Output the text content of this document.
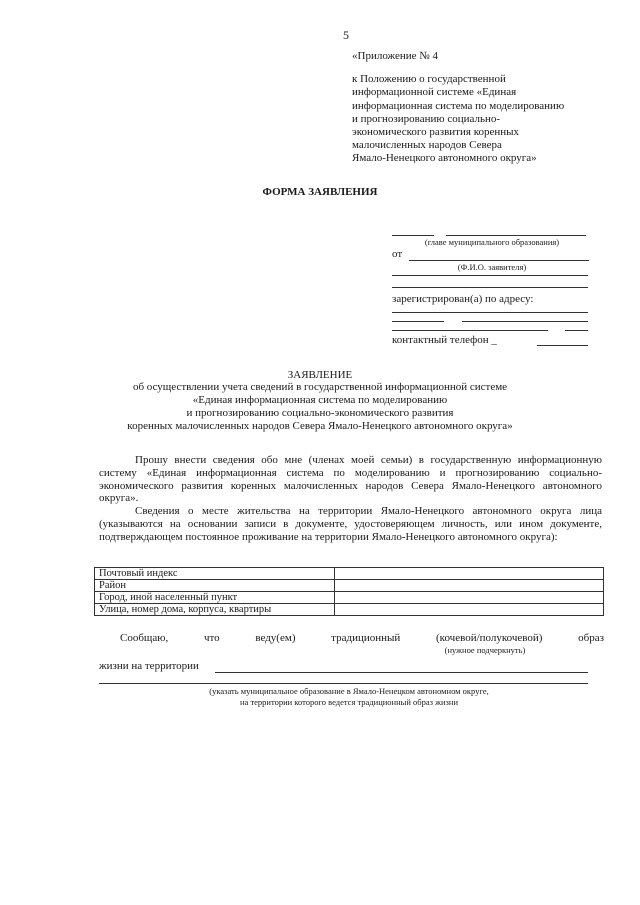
5
«Приложение № 4
к Положению о государственной
информационной системе «Единая
информационная система по моделированию
и прогнозированию социально-
экономического развития коренных
малочисленных народов Севера
Ямало-Ненецкого автономного округа»
ФОРМА ЗАЯВЛЕНИЯ
(главе муниципального образования)
от
(Ф.И.О. заявителя)
зарегистрирован(а) по адресу:
контактный телефон _
ЗАЯВЛЕНИЕ
об осуществлении учета сведений в государственной информационной системе
«Единая информационная система по моделированию
и прогнозированию социально-экономического развития
коренных малочисленных народов Севера Ямало-Ненецкого автономного округа»
Прошу внести сведения обо мне (членах моей семьи) в государственную информационную систему «Единая информационная система по моделированию и прогнозированию социально-экономического развития коренных малочисленных народов Севера Ямало-Ненецкого автономного округа».
Сведения о месте жительства на территории Ямало-Ненецкого автономного округа лица (указываются на основании записи в документе, удостоверяющем личность, или ином документе, подтверждающем постоянное проживание на территории Ямало-Ненецкого автономного округа):
Почтовый индекс	
Район	
Город, иной населенный пункт	
Улица, номер дома, корпуса, квартиры	
Сообщаю,	что	веду(ем)	традиционный	(кочевой/полукочевой)	образ
(нужное подчеркнуть)
жизни на территории
(указать муниципальное образование в Ямало-Ненецком автономном округе,
на территории которого ведется традиционный образ жизни
